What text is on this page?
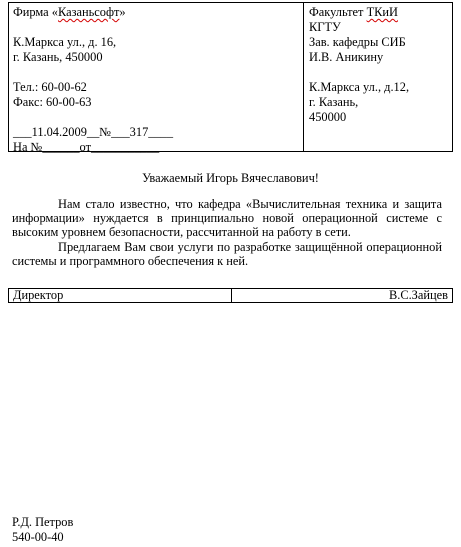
Фирма «Казаньсофт»
К.Маркса ул., д. 16,
г. Казань, 450000
Тел.: 60-00-62
Факс: 60-00-63
___11.04.2009__№___317____
На №______от___________
Факультет ТКиИ
КГТУ
Зав. кафедры СИБ
И.В. Аникину
К.Маркса ул., д.12,
г. Казань,
450000
Уважаемый Игорь Вячеславович!

Нам стало известно, что кафедра «Вычислительная техника и защита информации» нуждается в принципиально новой операционной системе с высоким уровнем безопасности, рассчитанной на работу в сети.

Предлагаем Вам свои услуги по разработке защищённой операционной системы и программного обеспечения к ней.

Директор	В.С.Зайцев
Р.Д. Петров
540-00-40
